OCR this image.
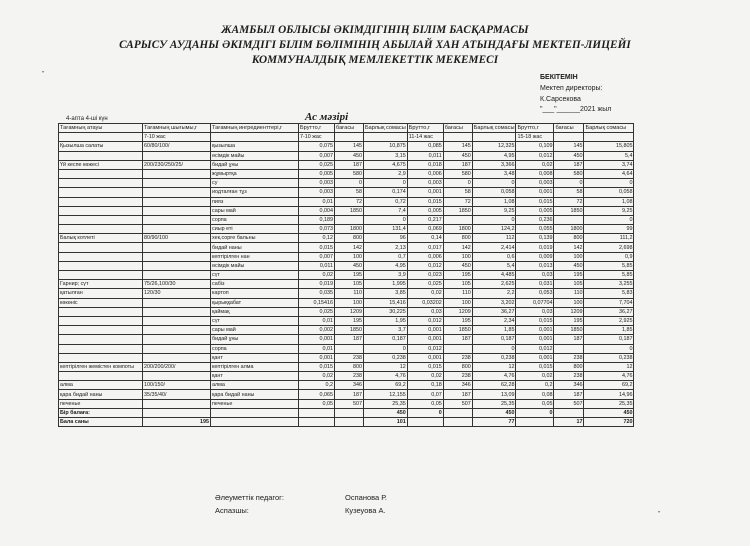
ЖАМБЫЛ ОБЛЫСЫ ӘКІМДІГІНІҢ БІЛІМ БАСҚАРМАСЫ
САРЫСУ АУДАНЫ ӘКІМДІГІ БІЛІМ БӨЛІМІНІҢ АБЫЛАЙ ХАН АТЫНДАҒЫ МЕКТЕП-ЛИЦЕЙІ
КОММУНАЛДЫҚ МЕМЛЕКЕТТІК МЕКЕМЕСІ
БЕКІТЕМІН
Мектеп директоры:
К.Сарсекова
"___"______2021 жыл
4-апта 4-ші күн	Ас мәзірі
•
Тағамның атауы	Тағамның шығымы,г	Тағамның ингредиенттері,г	Брутто,г	бағасы	Барлық сомасы	Брутто,г	бағасы	Барлық сомасы	Брутто,г	бағасы	Барлық сомасы
	7-10 жас		7-10 жас			11-14 жас			15-18 жас		
Қызылша салаты	60/80/100/	қызылша	0,075	145	10,875	0,085	145	12,325	0,109	145	15,805
		өсімдік майы	0,007	450	3,15	0,011	450	4,95	0,012	450	5,4
Үй кеспе көжесі	200/230/250/25/	бидай ұны	0,025	187	4,675	0,018	187	3,366	0,02	187	3,74
		жұмыртқа	0,005	580	2,9	0,006	580	3,48	0,008	580	4,64
		су	0,003	0	0	0,003	0	0	0,003	0	0
		иодталған тұз	0,003	58	0,174	0,001	58	0,058	0,001	58	0,058
		пияз	0,01	72	0,72	0,015	72	1,08	0,015	72	1,08
		сары май	0,004	1850	7,4	0,005	1850	9,25	0,005	1850	9,25
		сорпа	0,189		0	0,217		0	0,236		0
		сиыр еті	0,073	1800	131,4	0,069	1800	124,2	0,055	1800	99
Балық котлеті	80/90/100	хек,сорғе бальны	0,12	800	96	0,14	800	112	0,139	800	111,2
		бидай наны	0,015	142	2,13	0,017	142	2,414	0,019	142	2,698
		кептірілген нан	0,007	100	0,7	0,006	100	0,6	0,009	100	0,9
		өсімдік майы	0,011	450	4,95	0,012	450	5,4	0,013	450	5,85
		сүт	0,02	195	3,9	0,023	195	4,485	0,03	195	5,85
Гарнир; сүт	75/26,100/30	сабіз	0,019	105	1,995	0,025	105	2,625	0,031	105	3,255
қатылған	120/30	картоп	0,035	110	3,85	0,02	110	2,2	0,053	110	5,83
көкөніс		қырыққабат	0,15416	100	15,416	0,03202	100	3,202	0,07704	100	7,704
		қаймақ	0,025	1209	30,225	0,03	1209	36,27	0,03	1209	36,27
		сүт	0,01	195	1,95	0,012	195	2,34	0,015	195	2,925
		сары май	0,002	1850	3,7	0,001	1850	1,85	0,001	1850	1,85
		бидай ұны	0,001	187	0,187	0,001	187	0,187	0,001	187	0,187
		сорпа	0,01		0	0,012		0	0,012		0
		қант	0,001	238	0,238	0,001	238	0,238	0,001	238	0,238
кептірілген жемістен компоты	200/200/200/	кептірілген алма	0,015	800	12	0,015	800	12	0,015	800	12
		қант	0,02	238	4,76	0,02	238	4,76	0,02	238	4,76
алма	100/150/	алма	0,2	346	69,2	0,18	346	62,28	0,2	346	69,2
қара бидай наны	35/35/40/	қара бидай наны	0,065	187	12,155	0,07	187	13,09	0,08	187	14,96
печенье		печенье	0,05	507	25,35	0,05	507	25,35	0,05	507	25,35
Бір балаға:					450	0		450	0		450
Бала саны	195				101			77		17	720
Әлеуметтік педагог:	Оспанова Р.
Аспазшы:	Кузеуова А.	•
